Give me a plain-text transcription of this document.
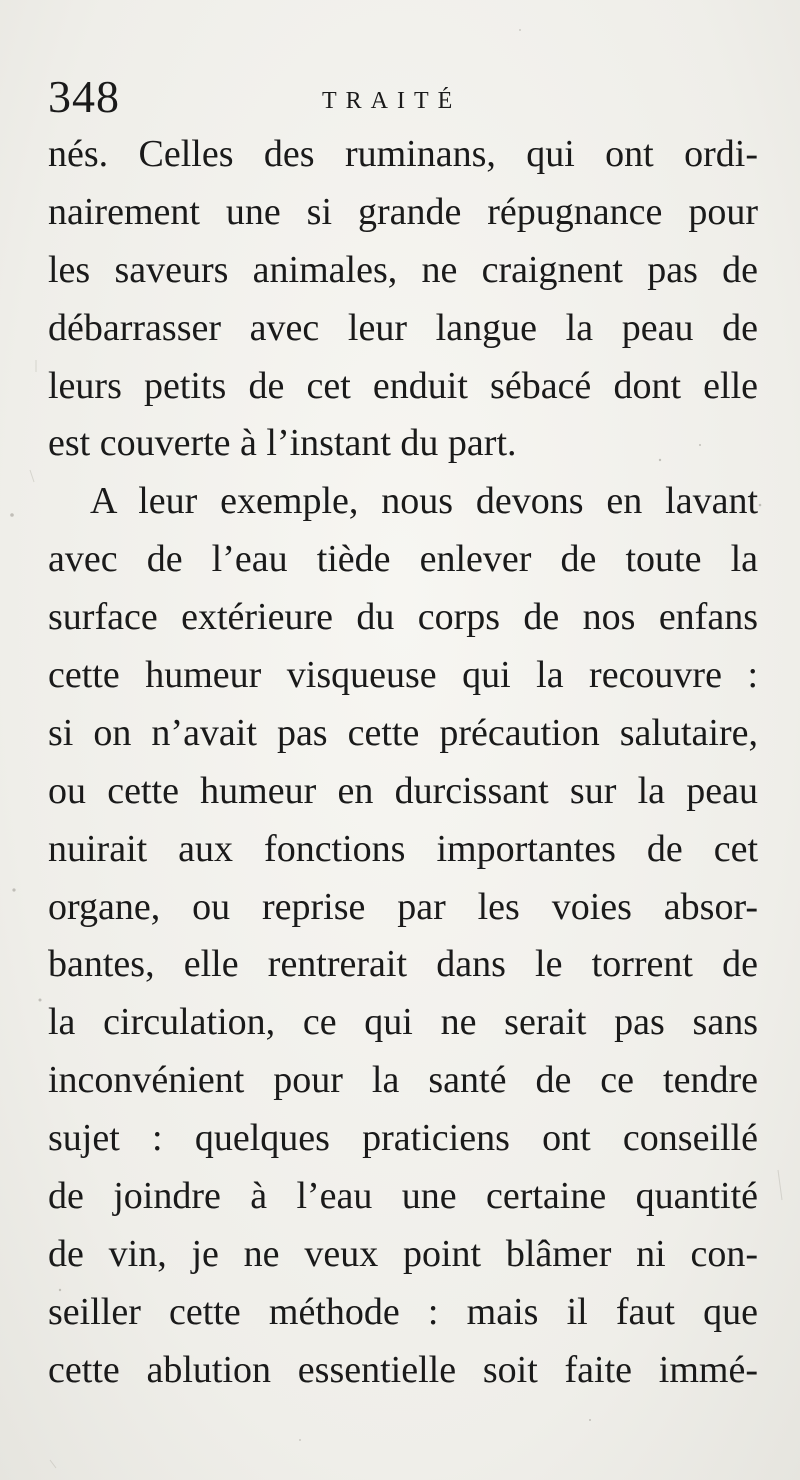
348	TRAITÉ
nés. Celles des ruminans, qui ont ordi-
nairement une si grande répugnance pour
les saveurs animales, ne craignent pas de
débarrasser avec leur langue la peau de
leurs petits de cet enduit sébacé dont elle
est couverte à l’instant du part.
A leur exemple, nous devons en lavant
avec de l’eau tiède enlever de toute la
surface extérieure du corps de nos enfans
cette humeur visqueuse qui la recouvre :
si on n’avait pas cette précaution salutaire,
ou cette humeur en durcissant sur la peau
nuirait aux fonctions importantes de cet
organe, ou reprise par les voies absor-
bantes, elle rentrerait dans le torrent de
la circulation, ce qui ne serait pas sans
inconvénient pour la santé de ce tendre
sujet : quelques praticiens ont conseillé
de joindre à l’eau une certaine quantité
de vin, je ne veux point blâmer ni con-
seiller cette méthode : mais il faut que
cette ablution essentielle soit faite immé-
